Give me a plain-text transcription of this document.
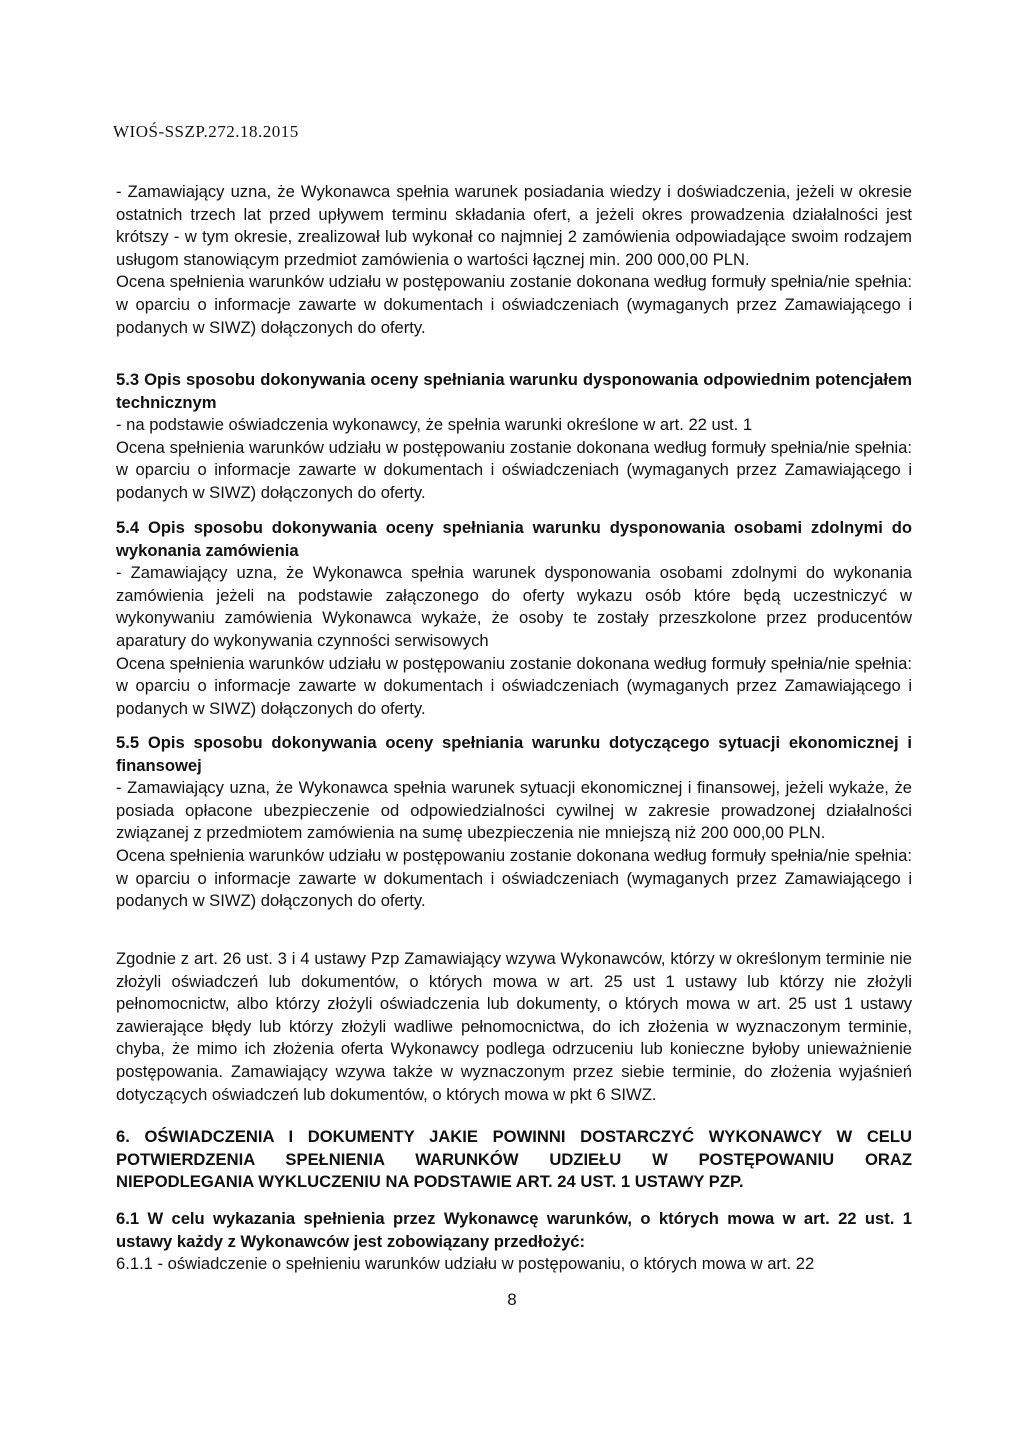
WIOŚ-SSZP.272.18.2015

- Zamawiający uzna, że Wykonawca spełnia warunek posiadania wiedzy i doświadczenia, jeżeli w okresie ostatnich trzech lat przed upływem terminu składania ofert, a jeżeli okres prowadzenia działalności jest krótszy - w tym okresie, zrealizował lub wykonał co najmniej 2 zamówienia odpowiadające swoim rodzajem usługom stanowiącym przedmiot zamówienia o wartości łącznej min. 200 000,00 PLN.

Ocena spełnienia warunków udziału w postępowaniu zostanie dokonana według formuły spełnia/nie spełnia: w oparciu o informacje zawarte w dokumentach i oświadczeniach (wymaganych przez Zamawiającego i podanych w SIWZ) dołączonych do oferty.

5.3 Opis sposobu dokonywania oceny spełniania warunku dysponowania odpowiednim potencjałem technicznym

- na podstawie oświadczenia wykonawcy, że spełnia warunki określone w art. 22 ust. 1

Ocena spełnienia warunków udziału w postępowaniu zostanie dokonana według formuły spełnia/nie spełnia: w oparciu o informacje zawarte w dokumentach i oświadczeniach (wymaganych przez Zamawiającego i podanych w SIWZ) dołączonych do oferty.

5.4 Opis sposobu dokonywania oceny spełniania warunku dysponowania osobami zdolnymi do wykonania zamówienia

- Zamawiający uzna, że Wykonawca spełnia warunek dysponowania osobami zdolnymi do wykonania zamówienia jeżeli na podstawie załączonego do oferty wykazu osób które będą uczestniczyć w wykonywaniu zamówienia Wykonawca wykaże, że osoby te zostały przeszkolone przez producentów aparatury do wykonywania czynności serwisowych

Ocena spełnienia warunków udziału w postępowaniu zostanie dokonana według formuły spełnia/nie spełnia: w oparciu o informacje zawarte w dokumentach i oświadczeniach (wymaganych przez Zamawiającego i podanych w SIWZ) dołączonych do oferty.

5.5 Opis sposobu dokonywania oceny spełniania warunku dotyczącego sytuacji ekonomicznej i finansowej

- Zamawiający uzna, że Wykonawca spełnia warunek sytuacji ekonomicznej i finansowej, jeżeli wykaże, że posiada opłacone ubezpieczenie od odpowiedzialności cywilnej w zakresie prowadzonej działalności związanej z przedmiotem zamówienia na sumę ubezpieczenia nie mniejszą niż 200 000,00 PLN.

Ocena spełnienia warunków udziału w postępowaniu zostanie dokonana według formuły spełnia/nie spełnia: w oparciu o informacje zawarte w dokumentach i oświadczeniach (wymaganych przez Zamawiającego i podanych w SIWZ) dołączonych do oferty.

Zgodnie z art. 26 ust. 3 i 4 ustawy Pzp Zamawiający wzywa Wykonawców, którzy w określonym terminie nie złożyli oświadczeń lub dokumentów, o których mowa w art. 25 ust 1 ustawy lub którzy nie złożyli pełnomocnictw, albo którzy złożyli oświadczenia lub dokumenty, o których mowa w art. 25 ust 1 ustawy zawierające błędy lub którzy złożyli wadliwe pełnomocnictwa, do ich złożenia w wyznaczonym terminie, chyba, że mimo ich złożenia oferta Wykonawcy podlega odrzuceniu lub konieczne byłoby unieważnienie postępowania. Zamawiający wzywa także w wyznaczonym przez siebie terminie, do złożenia wyjaśnień dotyczących oświadczeń lub dokumentów, o których mowa w pkt 6 SIWZ.

6. OŚWIADCZENIA I DOKUMENTY JAKIE POWINNI DOSTARCZYĆ WYKONAWCY W CELU POTWIERDZENIA SPEŁNIENIA WARUNKÓW UDZIEŁU W POSTĘPOWANIU ORAZ
NIEPODLEGANIA WYKLUCZENIU NA PODSTAWIE ART. 24 UST. 1 USTAWY PZP.

6.1 W celu wykazania spełnienia przez Wykonawcę warunków, o których mowa w art. 22 ust. 1 ustawy każdy z Wykonawców jest zobowiązany przedłożyć:

6.1.1 - oświadczenie o spełnieniu warunków udziału w postępowaniu, o których mowa w art. 22

8
